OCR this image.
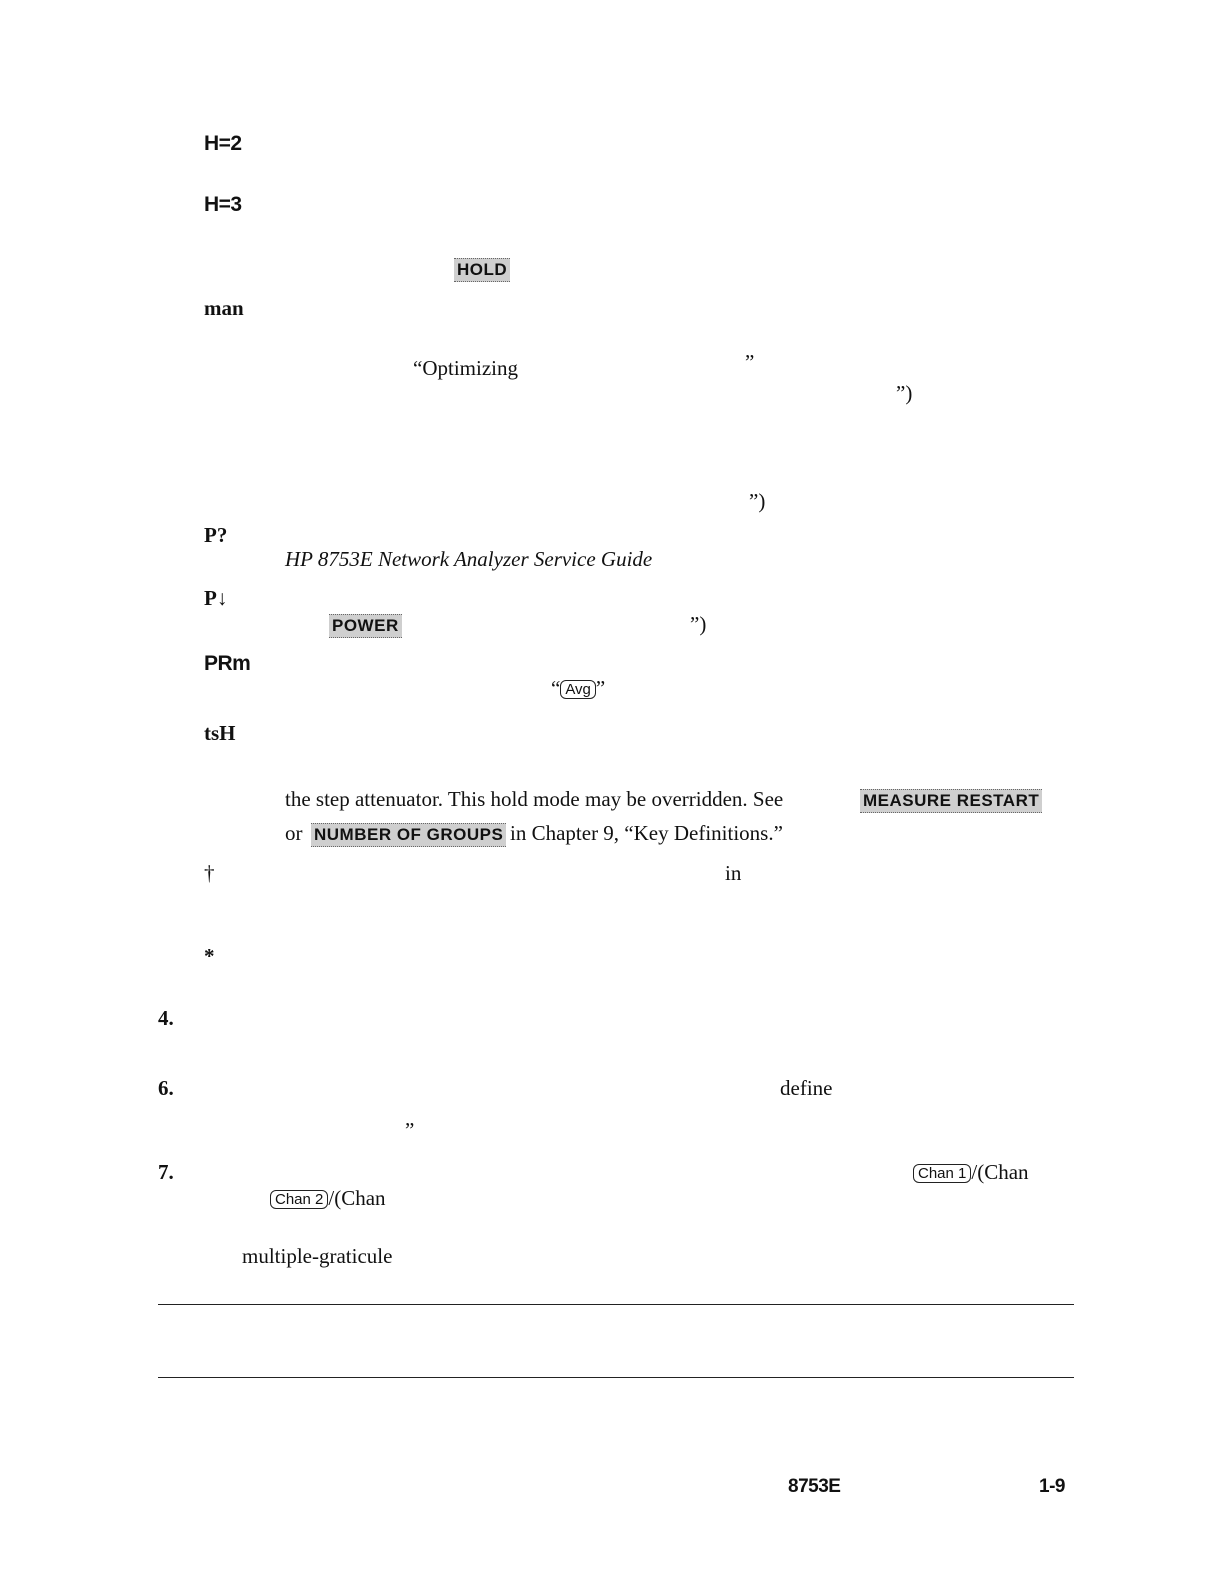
H=2
H=3
HOLD
man
“Optimizing	”
”)
”)
P?
HP 8753E Network Analyzer Service Guide
P↓
POWER	”)
PRm
“ Avg ”
tsH
the step attenuator. This hold mode may be overridden. See	MEASURE RESTART
or NUMBER OF GROUPS in Chapter 9, “Key Definitions.”
†	in
*
4.
6.	define
”
7.	Chan 1 /(Chan
Chan 2 /(Chan
multiple-graticule
8753E	1-9
